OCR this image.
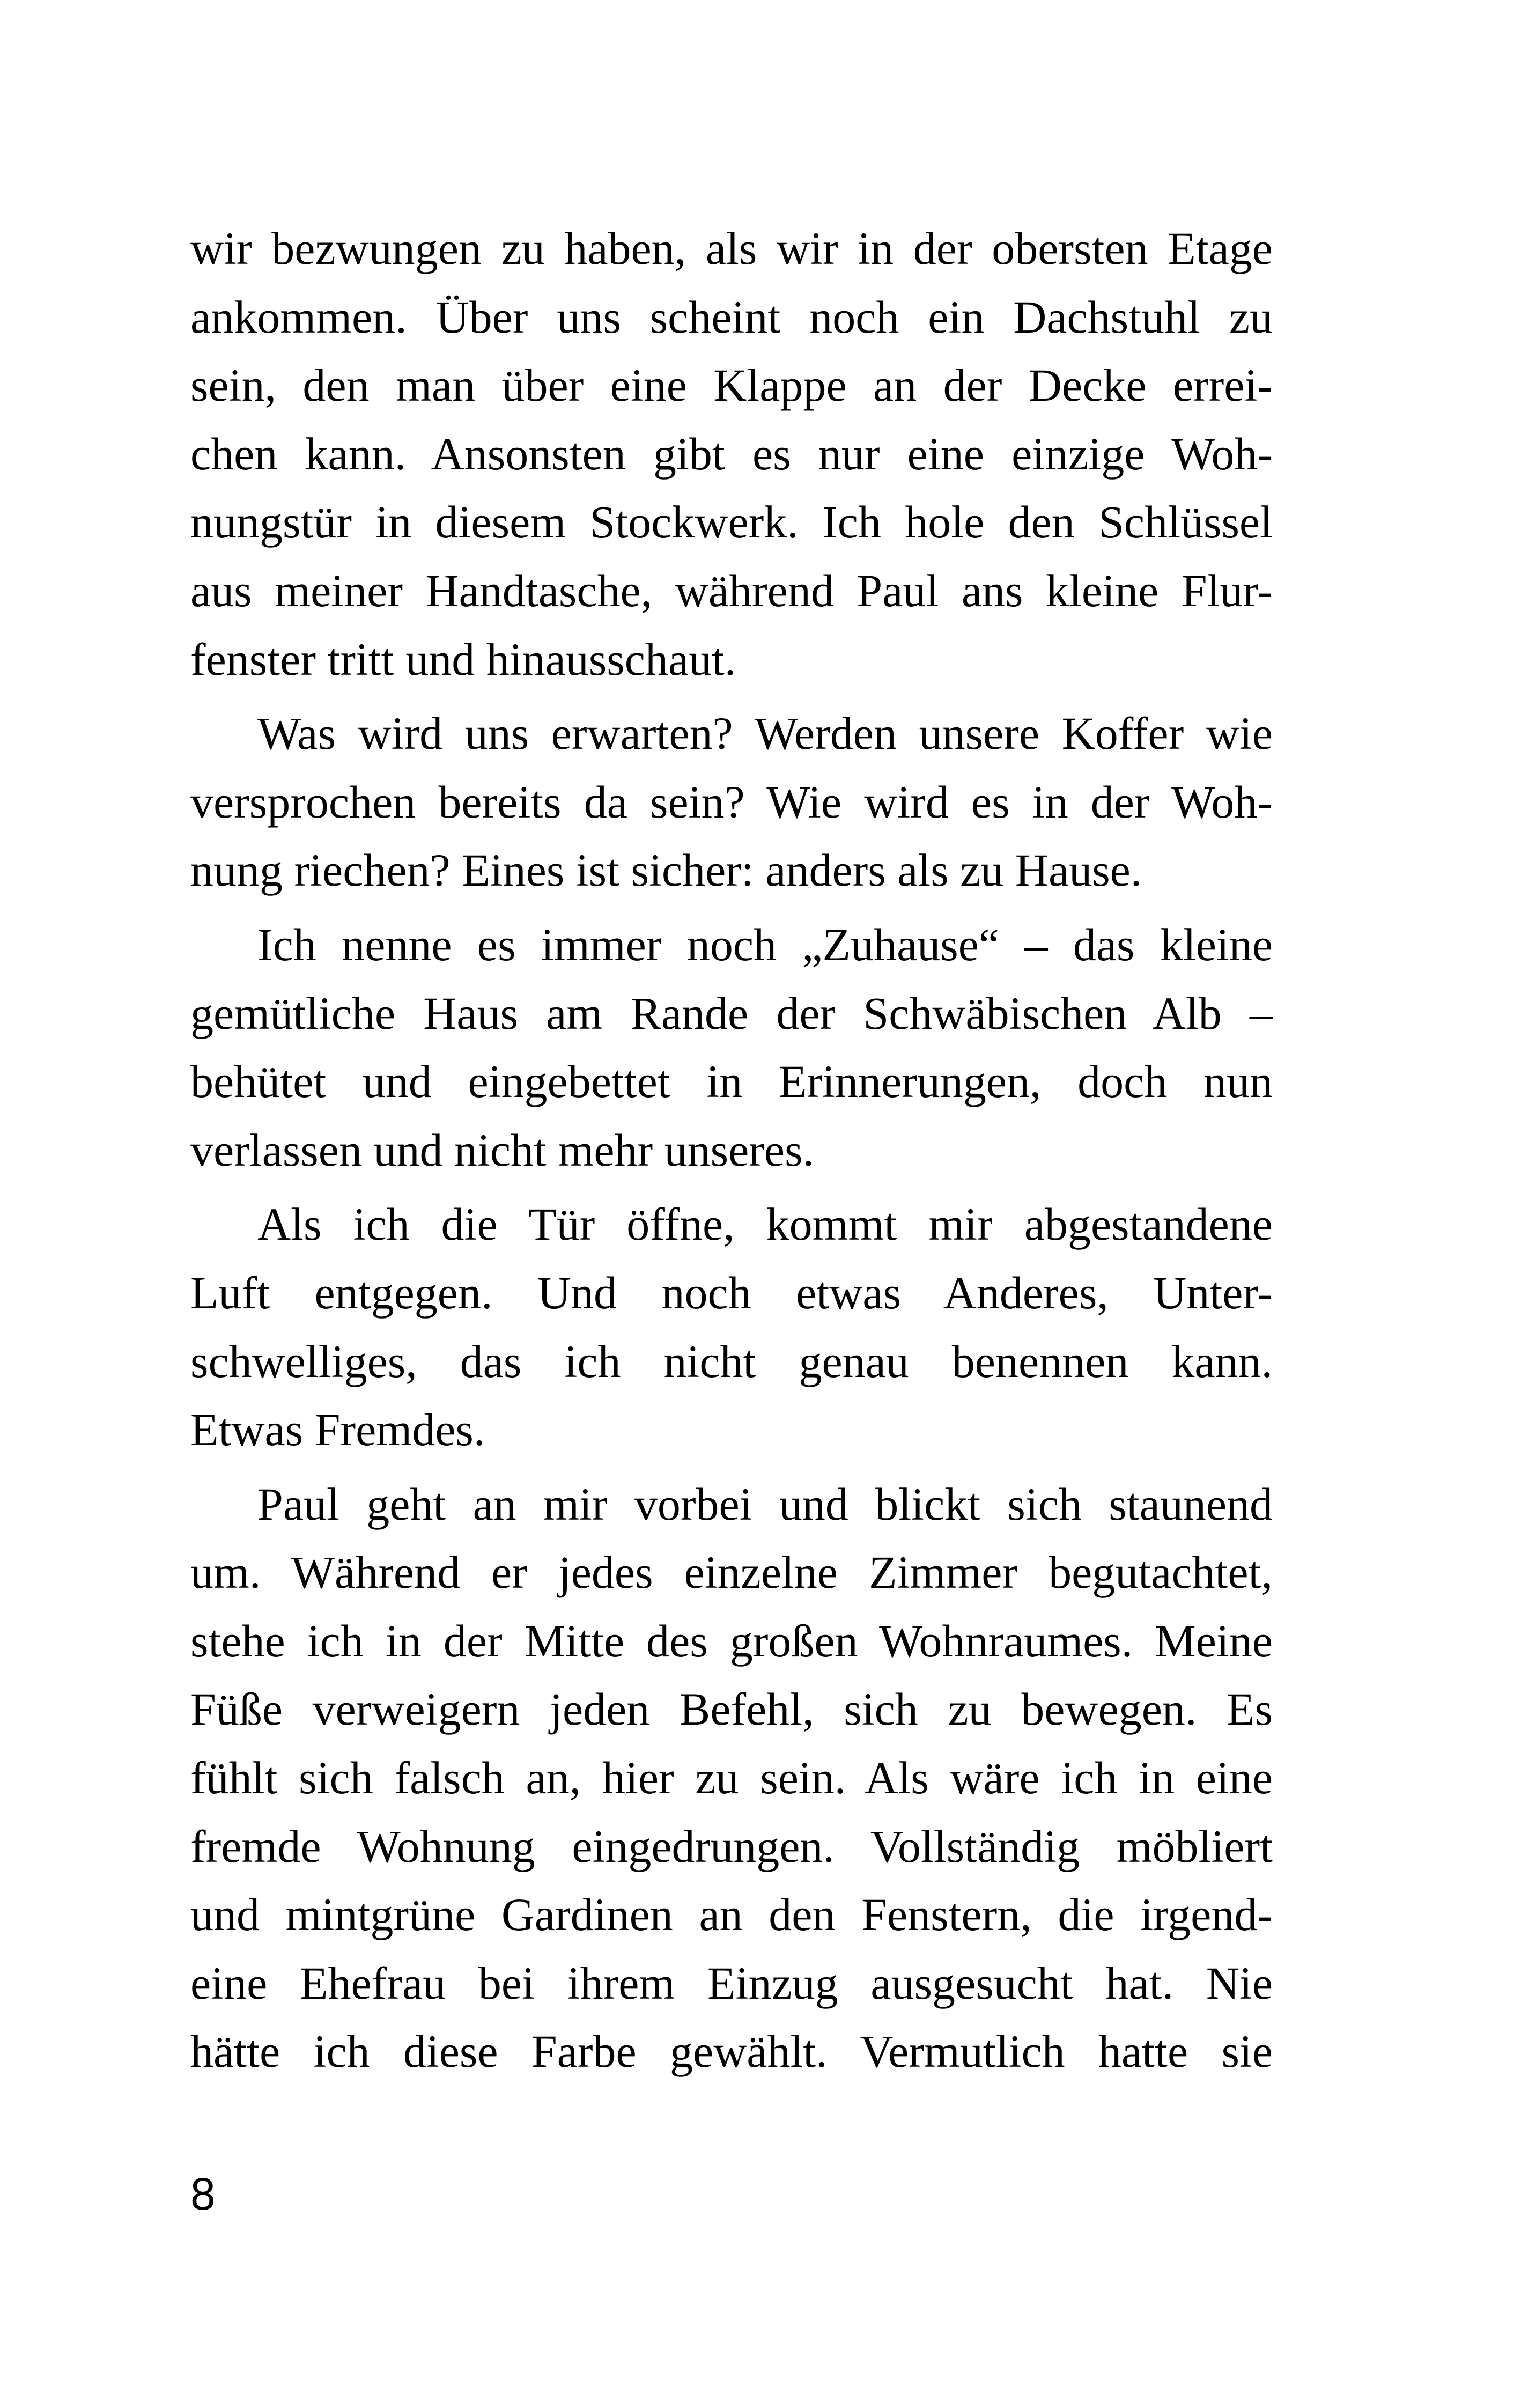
wir bezwungen zu haben, als wir in der obersten Etage
ankommen. Über uns scheint noch ein Dachstuhl zu
sein, den man über eine Klappe an der Decke errei-
chen kann. Ansonsten gibt es nur eine einzige Woh-
nungstür in diesem Stockwerk. Ich hole den Schlüssel
aus meiner Handtasche, während Paul ans kleine Flur-
fenster tritt und hinausschaut.

Was wird uns erwarten? Werden unsere Koffer wie
versprochen bereits da sein? Wie wird es in der Woh-
nung riechen? Eines ist sicher: anders als zu Hause.

Ich nenne es immer noch „Zuhause“ – das kleine
gemütliche Haus am Rande der Schwäbischen Alb –
behütet und eingebettet in Erinnerungen, doch nun
verlassen und nicht mehr unseres.

Als ich die Tür öffne, kommt mir abgestandene
Luft entgegen. Und noch etwas Anderes, Unter-
schwelliges, das ich nicht genau benennen kann.
Etwas Fremdes.

Paul geht an mir vorbei und blickt sich staunend
um. Während er jedes einzelne Zimmer begutachtet,
stehe ich in der Mitte des großen Wohnraumes. Meine
Füße verweigern jeden Befehl, sich zu bewegen. Es
fühlt sich falsch an, hier zu sein. Als wäre ich in eine
fremde Wohnung eingedrungen. Vollständig möbliert
und mintgrüne Gardinen an den Fenstern, die irgend-
eine Ehefrau bei ihrem Einzug ausgesucht hat. Nie
hätte ich diese Farbe gewählt. Vermutlich hatte sie

8
